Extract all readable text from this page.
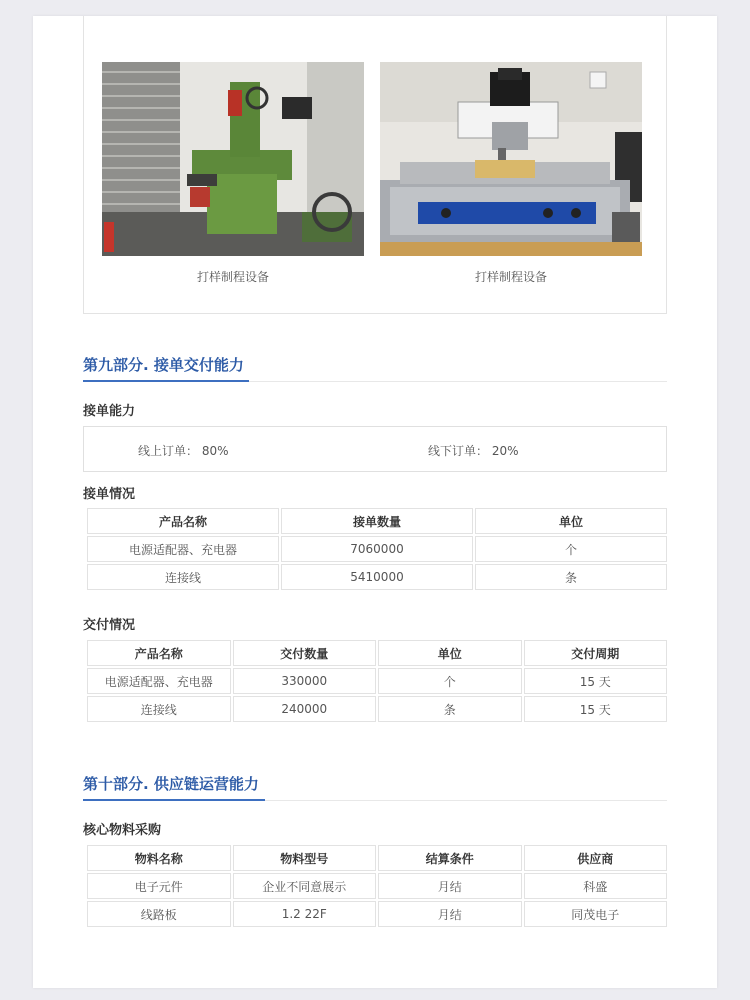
打样制程设备	打样制程设备
第九部分. 接单交付能力
接单能力
线上订单： 80%	线下订单： 20%
接单情况
产品名称	接单数量	单位
电源适配器、充电器	7060000	个
连接线	5410000	条
交付情况
产品名称	交付数量	单位	交付周期
电源适配器、充电器	330000	个	15 天
连接线	240000	条	15 天
第十部分. 供应链运营能力
核心物料采购
物料名称	物料型号	结算条件	供应商
电子元件	企业不同意展示	月结	科盛
线路板	1.2 22F	月结	同茂电子
